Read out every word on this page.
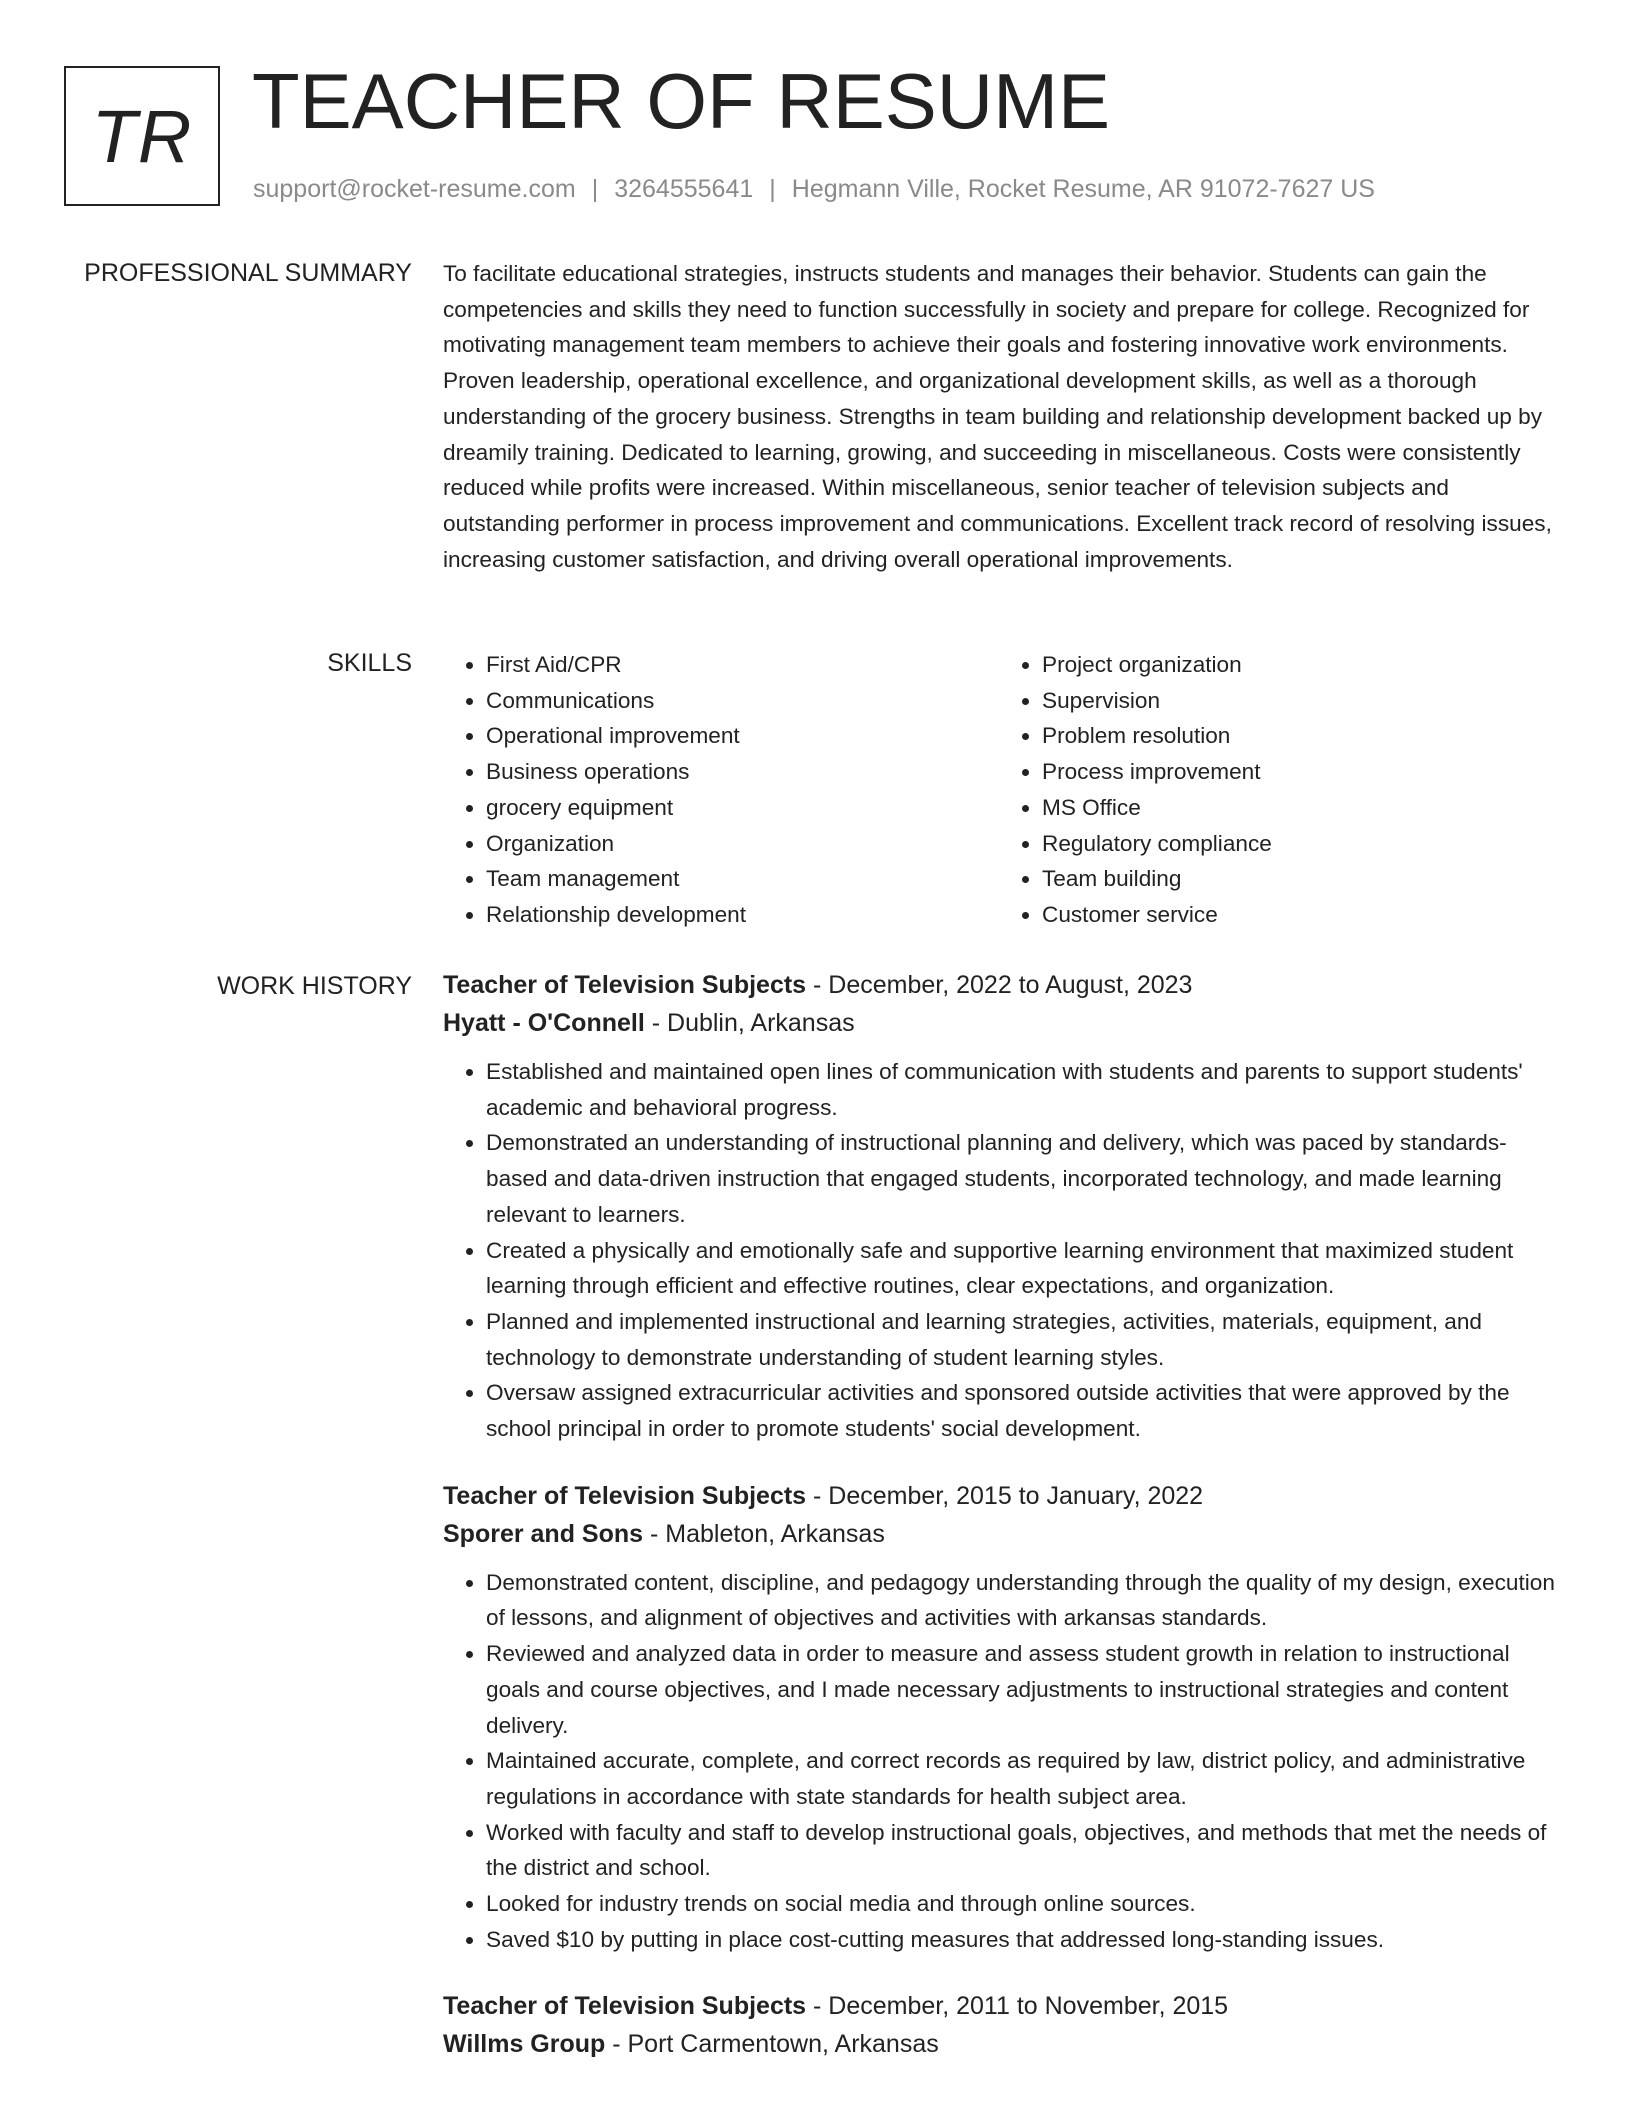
TR TEACHER OF RESUME
support@rocket-resume.com | 3264555641 | Hegmann Ville, Rocket Resume, AR 91072-7627 US
PROFESSIONAL SUMMARY To facilitate educational strategies, instructs students and manages their behavior. Students can gain the competencies and skills they need to function successfully in society and prepare for college. Recognized for motivating management team members to achieve their goals and fostering innovative work environments. Proven leadership, operational excellence, and organizational development skills, as well as a thorough understanding of the grocery business. Strengths in team building and relationship development backed up by dreamily training. Dedicated to learning, growing, and succeeding in miscellaneous. Costs were consistently reduced while profits were increased. Within miscellaneous, senior teacher of television subjects and outstanding performer in process improvement and communications. Excellent track record of resolving issues, increasing customer satisfaction, and driving overall operational improvements.

SKILLS
•	First Aid/CPR
• Communications
• Operational improvement
• Business operations
• grocery equipment
• Organization
• Team management
• Relationship development
• Project organization
• Supervision
• Problem resolution
• Process improvement
• MS Office
• Regulatory compliance
• Team building
• Customer service
WORK HISTORY Teacher of Television Subjects - December, 2022 to August, 2023
Hyatt - O'Connell - Dublin, Arkansas
• Established and maintained open lines of communication with students and parents to support students' academic and behavioral progress.
• Demonstrated an understanding of instructional planning and delivery, which was paced by standards-based and data-driven instruction that engaged students, incorporated technology, and made learning relevant to learners.
• Created a physically and emotionally safe and supportive learning environment that maximized student learning through efficient and effective routines, clear expectations, and organization.
• Planned and implemented instructional and learning strategies, activities, materials, equipment, and technology to demonstrate understanding of student learning styles.
• Oversaw assigned extracurricular activities and sponsored outside activities that were approved by the school principal in order to promote students' social development.
Teacher of Television Subjects - December, 2015 to January, 2022
Sporer and Sons - Mableton, Arkansas
• Demonstrated content, discipline, and pedagogy understanding through the quality of my design, execution of lessons, and alignment of objectives and activities with arkansas standards.
• Reviewed and analyzed data in order to measure and assess student growth in relation to instructional goals and course objectives, and I made necessary adjustments to instructional strategies and content delivery.
• Maintained accurate, complete, and correct records as required by law, district policy, and administrative regulations in accordance with state standards for health subject area.
• Worked with faculty and staff to develop instructional goals, objectives, and methods that met the needs of the district and school.
• Looked for industry trends on social media and through online sources.
• Saved $10 by putting in place cost-cutting measures that addressed long-standing issues.
Teacher of Television Subjects - December, 2011 to November, 2015
Willms Group - Port Carmentown, Arkansas
